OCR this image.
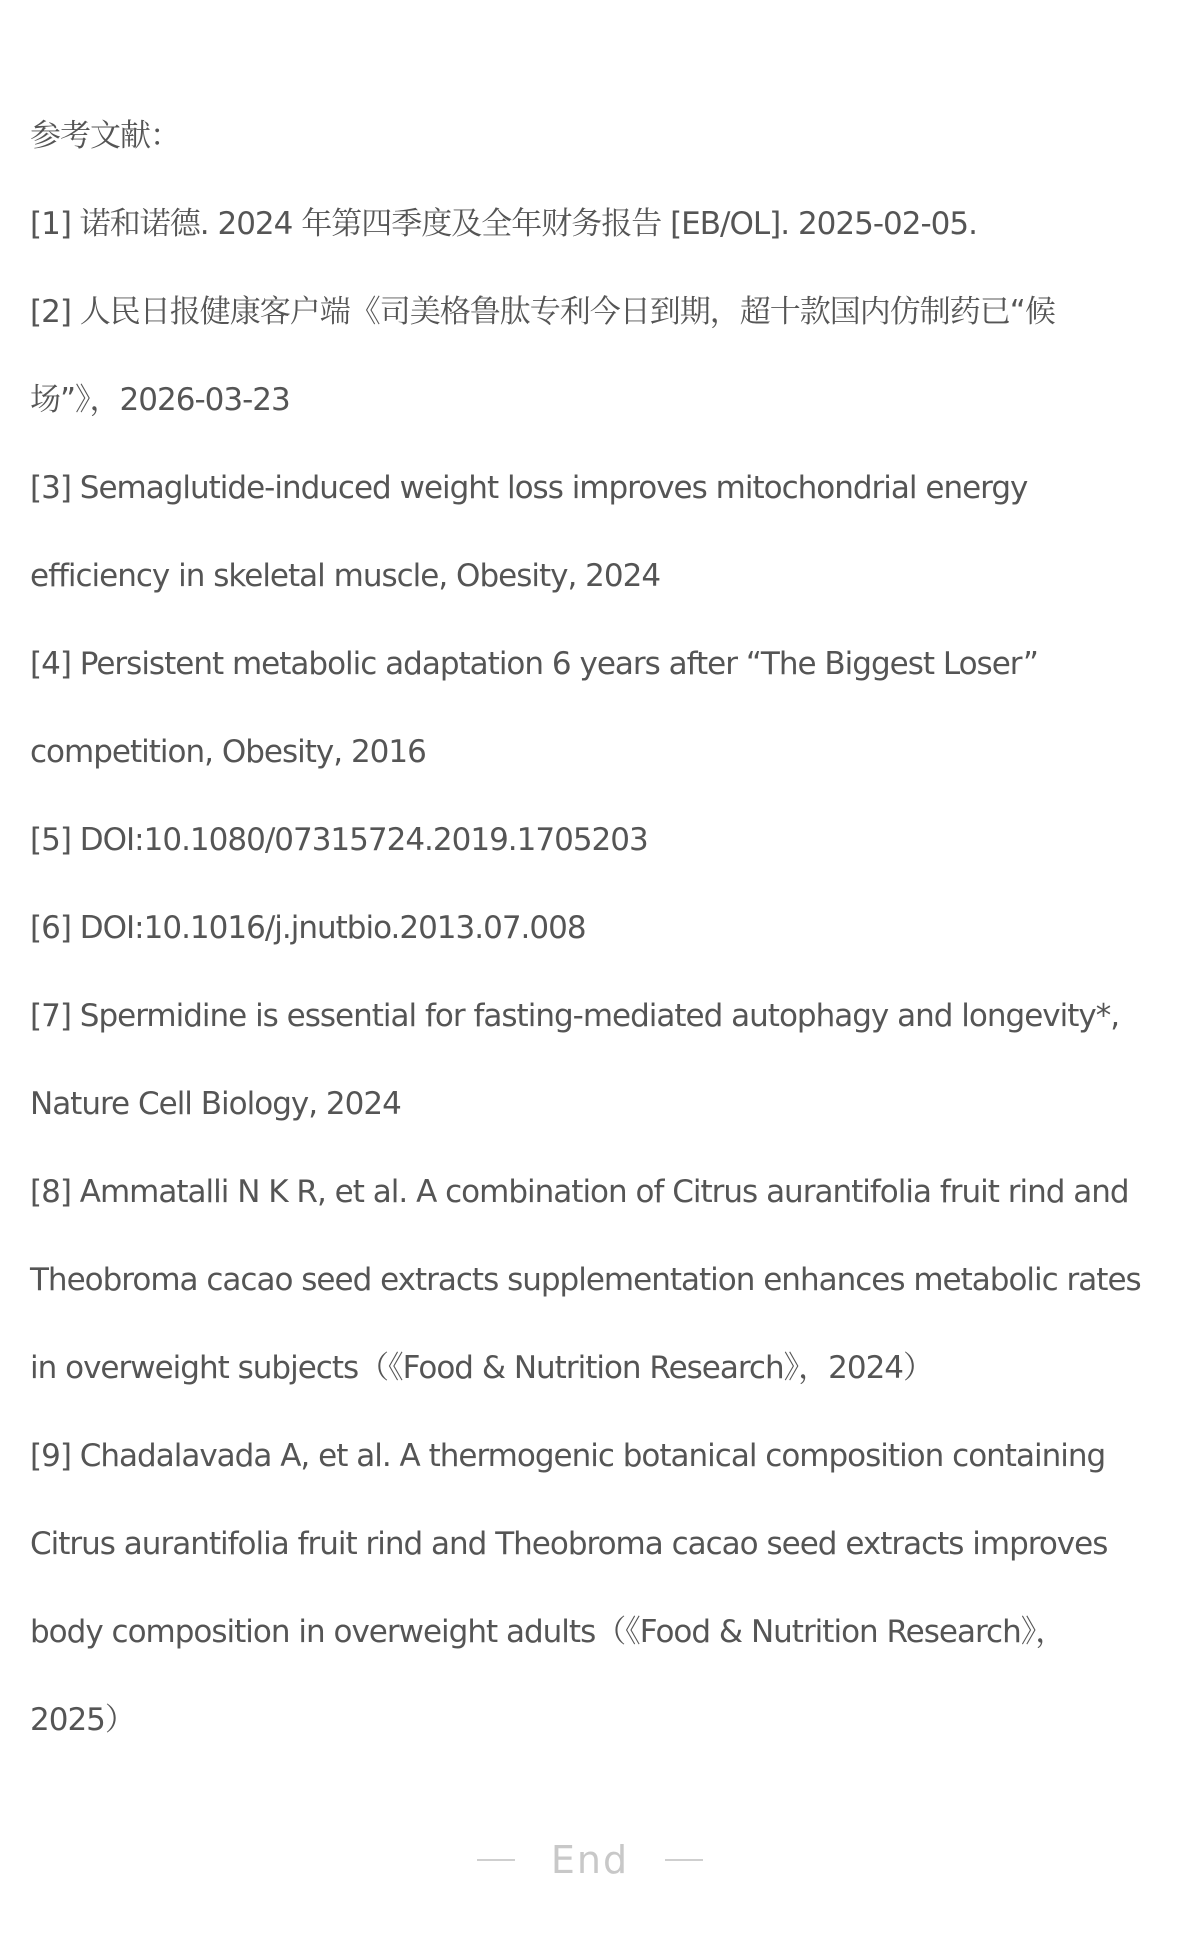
参考文献：

[1] 诺和诺德. 2024 年第四季度及全年财务报告 [EB/OL]. 2025-02-05.

[2] 人民日报健康客户端《司美格鲁肽专利今日到期，超十款国内仿制药已“候场”》，2026-03-23

[3] Semaglutide-induced weight loss improves mitochondrial energy efficiency in skeletal muscle, Obesity, 2024

[4] Persistent metabolic adaptation 6 years after “The Biggest Loser” competition, Obesity, 2016

[5] DOI:10.1080/07315724.2019.1705203

[6] DOI:10.1016/j.jnutbio.2013.07.008

[7] Spermidine is essential for fasting-mediated autophagy and longevity*, Nature Cell Biology, 2024

[8] Ammatalli N K R, et al. A combination of Citrus aurantifolia fruit rind and Theobroma cacao seed extracts supplementation enhances metabolic rates in overweight subjects（《Food & Nutrition Research》，2024）

[9] Chadalavada A, et al. A thermogenic botanical composition containing Citrus aurantifolia fruit rind and Theobroma cacao seed extracts improves body composition in overweight adults（《Food & Nutrition Research》，2025）

End
